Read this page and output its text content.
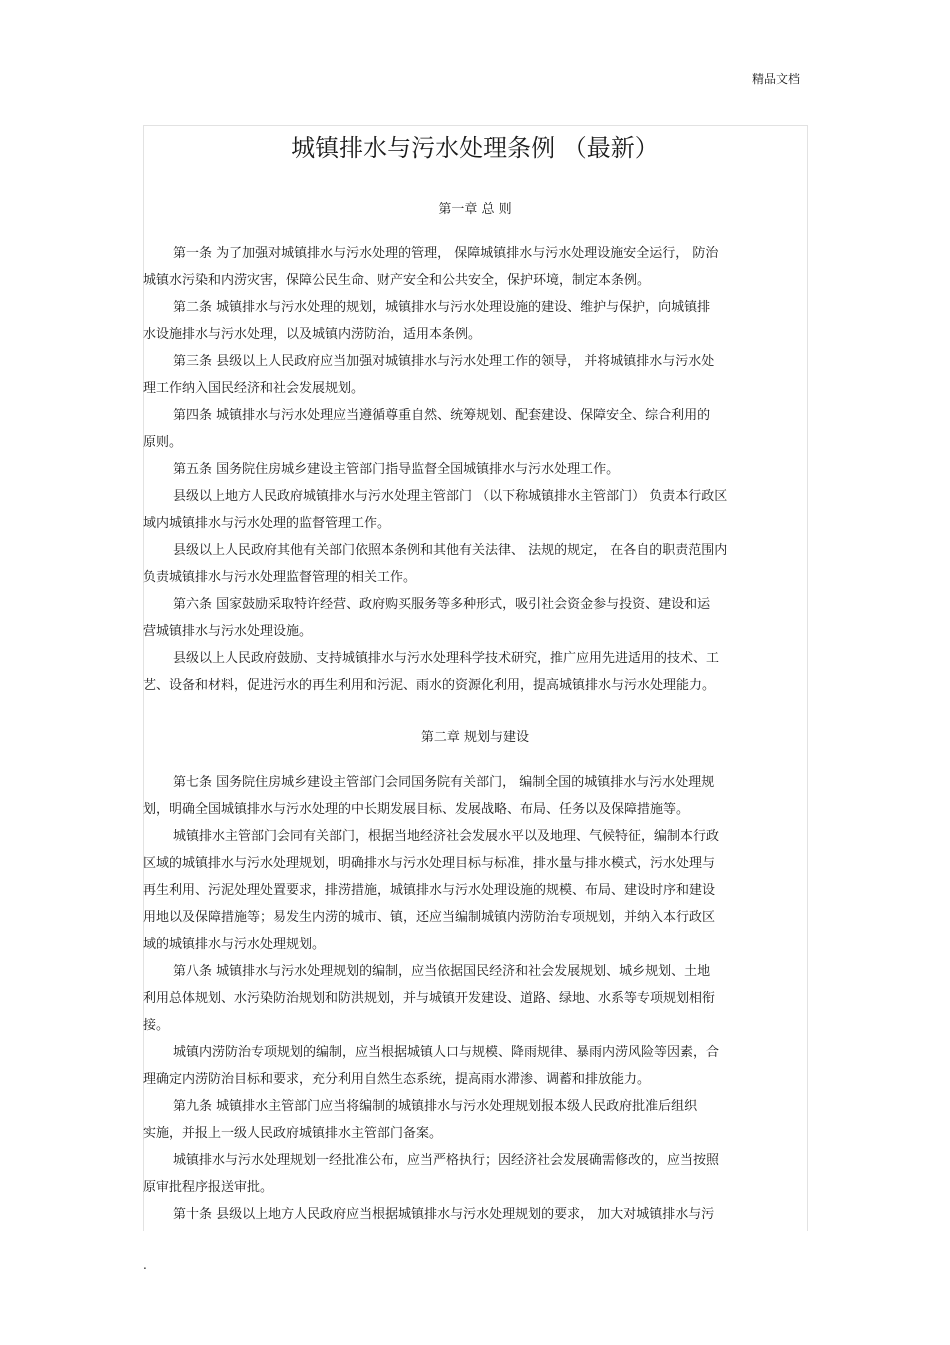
精品文档
城镇排水与污水处理条例 （最新）
第一章 总 则
第一条 为了加强对城镇排水与污水处理的管理， 保障城镇排水与污水处理设施安全运行， 防治
城镇水污染和内涝灾害，保障公民生命、财产安全和公共安全，保护环境，制定本条例。
第二条 城镇排水与污水处理的规划，城镇排水与污水处理设施的建设、维护与保护，向城镇排
水设施排水与污水处理，以及城镇内涝防治，适用本条例。
第三条 县级以上人民政府应当加强对城镇排水与污水处理工作的领导， 并将城镇排水与污水处
理工作纳入国民经济和社会发展规划。
第四条 城镇排水与污水处理应当遵循尊重自然、统筹规划、配套建设、保障安全、综合利用的
原则。
第五条 国务院住房城乡建设主管部门指导监督全国城镇排水与污水处理工作。
县级以上地方人民政府城镇排水与污水处理主管部门 （以下称城镇排水主管部门） 负责本行政区
域内城镇排水与污水处理的监督管理工作。
县级以上人民政府其他有关部门依照本条例和其他有关法律、 法规的规定， 在各自的职责范围内
负责城镇排水与污水处理监督管理的相关工作。
第六条 国家鼓励采取特许经营、政府购买服务等多种形式，吸引社会资金参与投资、建设和运
营城镇排水与污水处理设施。
县级以上人民政府鼓励、支持城镇排水与污水处理科学技术研究，推广应用先进适用的技术、工
艺、设备和材料，促进污水的再生利用和污泥、雨水的资源化利用，提高城镇排水与污水处理能力。
第二章 规划与建设
第七条 国务院住房城乡建设主管部门会同国务院有关部门， 编制全国的城镇排水与污水处理规
划，明确全国城镇排水与污水处理的中长期发展目标、发展战略、布局、任务以及保障措施等。
城镇排水主管部门会同有关部门，根据当地经济社会发展水平以及地理、气候特征，编制本行政
区域的城镇排水与污水处理规划，明确排水与污水处理目标与标准，排水量与排水模式，污水处理与
再生利用、污泥处理处置要求，排涝措施，城镇排水与污水处理设施的规模、布局、建设时序和建设
用地以及保障措施等；易发生内涝的城市、镇，还应当编制城镇内涝防治专项规划，并纳入本行政区
域的城镇排水与污水处理规划。
第八条 城镇排水与污水处理规划的编制，应当依据国民经济和社会发展规划、城乡规划、土地
利用总体规划、水污染防治规划和防洪规划，并与城镇开发建设、道路、绿地、水系等专项规划相衔
接。
城镇内涝防治专项规划的编制，应当根据城镇人口与规模、降雨规律、暴雨内涝风险等因素，合
理确定内涝防治目标和要求，充分利用自然生态系统，提高雨水滞渗、调蓄和排放能力。
第九条 城镇排水主管部门应当将编制的城镇排水与污水处理规划报本级人民政府批准后组织
实施，并报上一级人民政府城镇排水主管部门备案。
城镇排水与污水处理规划一经批准公布，应当严格执行；因经济社会发展确需修改的，应当按照
原审批程序报送审批。
第十条 县级以上地方人民政府应当根据城镇排水与污水处理规划的要求， 加大对城镇排水与污
.
